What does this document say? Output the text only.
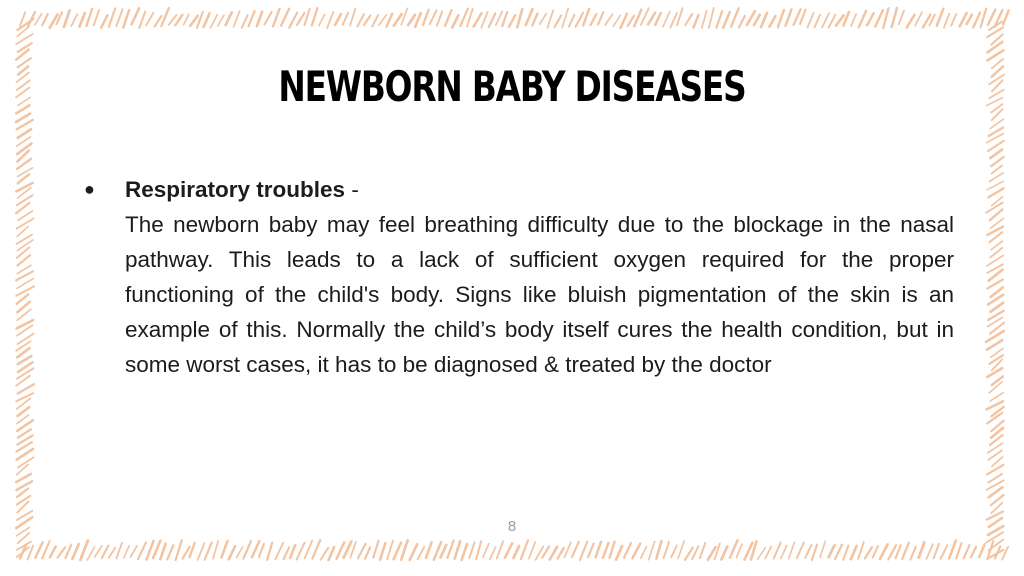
NEWBORN BABY DISEASES
● Respiratory troubles -
The newborn baby may feel breathing difficulty due to the blockage in the nasal pathway. This leads to a lack of sufficient oxygen required for the proper functioning of the child's body. Signs like bluish pigmentation of the skin is an example of this. Normally the child’s body itself cures the health condition, but in some worst cases, it has to be diagnosed & treated by the doctor
8
